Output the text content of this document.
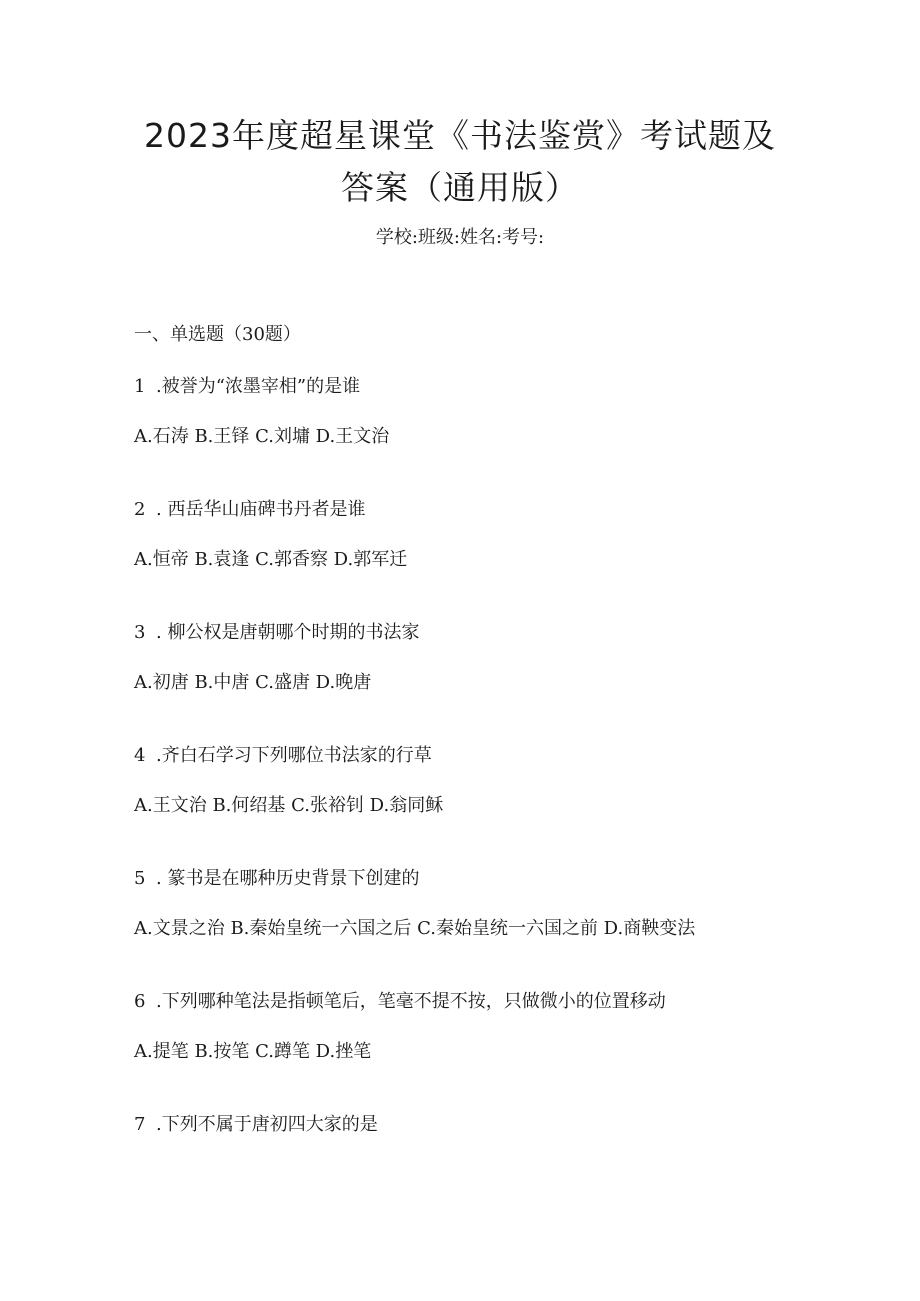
2023年度超星课堂《书法鉴赏》考试题及
答案（通用版）
学校:班级:姓名:考号:
一、单选题（30题）
1 .被誉为“浓墨宰相”的是谁
A.石涛 B.王铎 C.刘墉 D.王文治
2 . 西岳华山庙碑书丹者是谁
A.恒帝 B.袁逢 C.郭香察 D.郭军迁
3 . 柳公权是唐朝哪个时期的书法家
A.初唐 B.中唐 C.盛唐 D.晚唐
4 .齐白石学习下列哪位书法家的行草
A.王文治 B.何绍基 C.张裕钊 D.翁同稣
5 . 篆书是在哪种历史背景下创建的
A.文景之治 B.秦始皇统一六国之后 C.秦始皇统一六国之前 D.商鞅变法
6 .下列哪种笔法是指顿笔后，笔毫不提不按，只做微小的位置移动
A.提笔 B.按笔 C.蹲笔 D.挫笔
7 .下列不属于唐初四大家的是
